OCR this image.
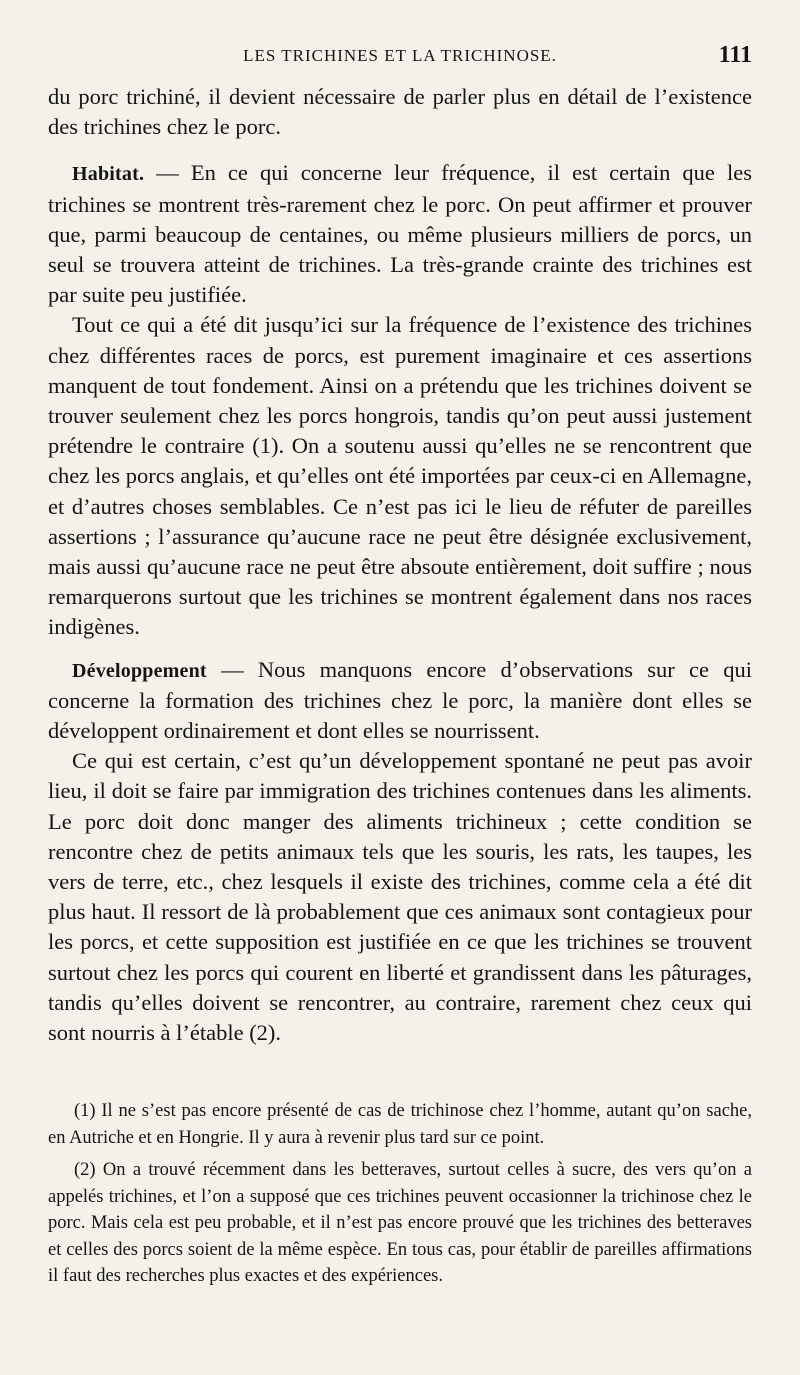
LES TRICHINES ET LA TRICHINOSE.	111

du porc trichiné, il devient nécessaire de parler plus en détail de l’existence des trichines chez le porc.

Habitat. — En ce qui concerne leur fréquence, il est certain que les trichines se montrent très-rarement chez le porc. On peut affirmer et prouver que, parmi beaucoup de centaines, ou même plusieurs milliers de porcs, un seul se trouvera atteint de trichines. La très-grande crainte des trichines est par suite peu justifiée.

Tout ce qui a été dit jusqu’ici sur la fréquence de l’existence des trichines chez différentes races de porcs, est purement imaginaire et ces assertions manquent de tout fondement. Ainsi on a prétendu que les trichines doivent se trouver seulement chez les porcs hongrois, tandis qu’on peut aussi justement prétendre le contraire (1). On a soutenu aussi qu’elles ne se rencontrent que chez les porcs anglais, et qu’elles ont été importées par ceux-ci en Allemagne, et d’autres choses semblables. Ce n’est pas ici le lieu de réfuter de pareilles assertions ; l’assurance qu’aucune race ne peut être désignée exclusivement, mais aussi qu’aucune race ne peut être absoute entièrement, doit suffire ; nous remarquerons surtout que les trichines se montrent également dans nos races indigènes.

Développement — Nous manquons encore d’observations sur ce qui concerne la formation des trichines chez le porc, la manière dont elles se développent ordinairement et dont elles se nourrissent.

Ce qui est certain, c’est qu’un développement spontané ne peut pas avoir lieu, il doit se faire par immigration des trichines contenues dans les aliments. Le porc doit donc manger des aliments trichineux ; cette condition se rencontre chez de petits animaux tels que les souris, les rats, les taupes, les vers de terre, etc., chez lesquels il existe des trichines, comme cela a été dit plus haut. Il ressort de là probablement que ces animaux sont contagieux pour les porcs, et cette supposition est justifiée en ce que les trichines se trouvent surtout chez les porcs qui courent en liberté et grandissent dans les pâturages, tandis qu’elles doivent se rencontrer, au contraire, rarement chez ceux qui sont nourris à l’étable (2).

(1) Il ne s’est pas encore présenté de cas de trichinose chez l’homme, autant qu’on sache, en Autriche et en Hongrie. Il y aura à revenir plus tard sur ce point.

(2) On a trouvé récemment dans les betteraves, surtout celles à sucre, des vers qu’on a appelés trichines, et l’on a supposé que ces trichines peuvent occasionner la trichinose chez le porc. Mais cela est peu probable, et il n’est pas encore prouvé que les trichines des betteraves et celles des porcs soient de la même espèce. En tous cas, pour établir de pareilles affirmations il faut des recherches plus exactes et des expériences.
